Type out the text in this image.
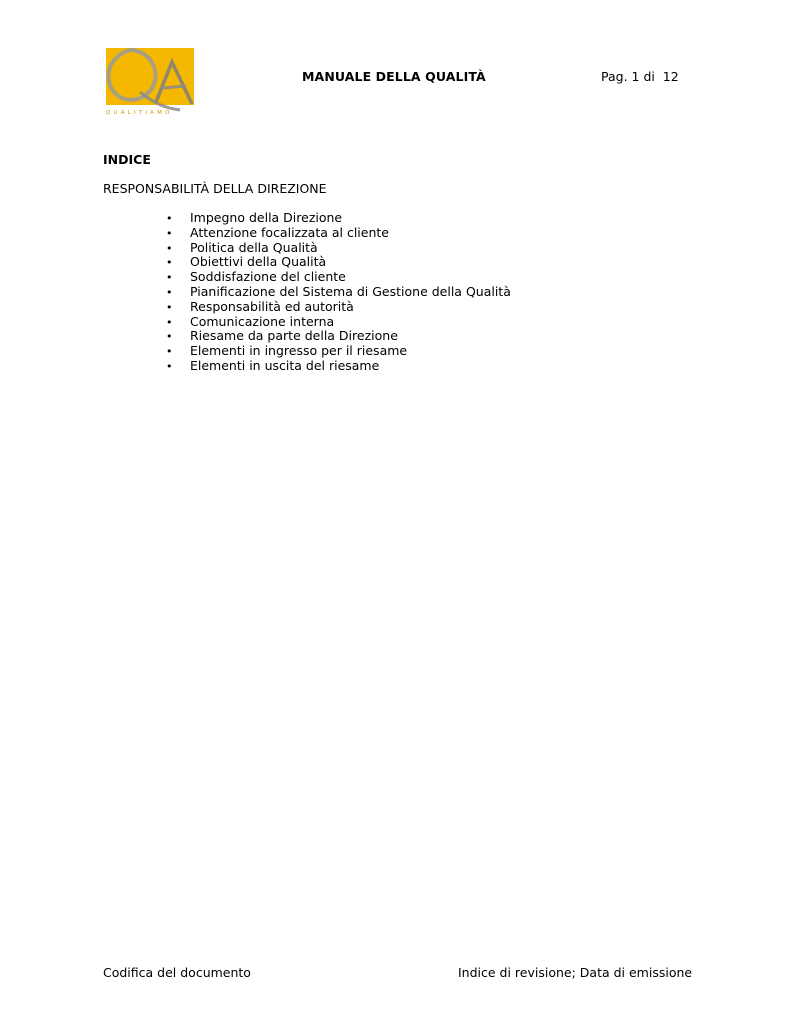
QUALITIAMO
MANUALE DELLA QUALITÀ	Pag. 1 di  12
INDICE
RESPONSABILITÀ DELLA DIREZIONE
•	Impegno della Direzione
•	Attenzione focalizzata al cliente
•	Politica della Qualità
•	Obiettivi della Qualità
•	Soddisfazione del cliente
•	Pianificazione del Sistema di Gestione della Qualità
•	Responsabilità ed autorità
•	Comunicazione interna
•	Riesame da parte della Direzione
•	Elementi in ingresso per il riesame
•	Elementi in uscita del riesame
Codifica del documento	Indice di revisione; Data di emissione
